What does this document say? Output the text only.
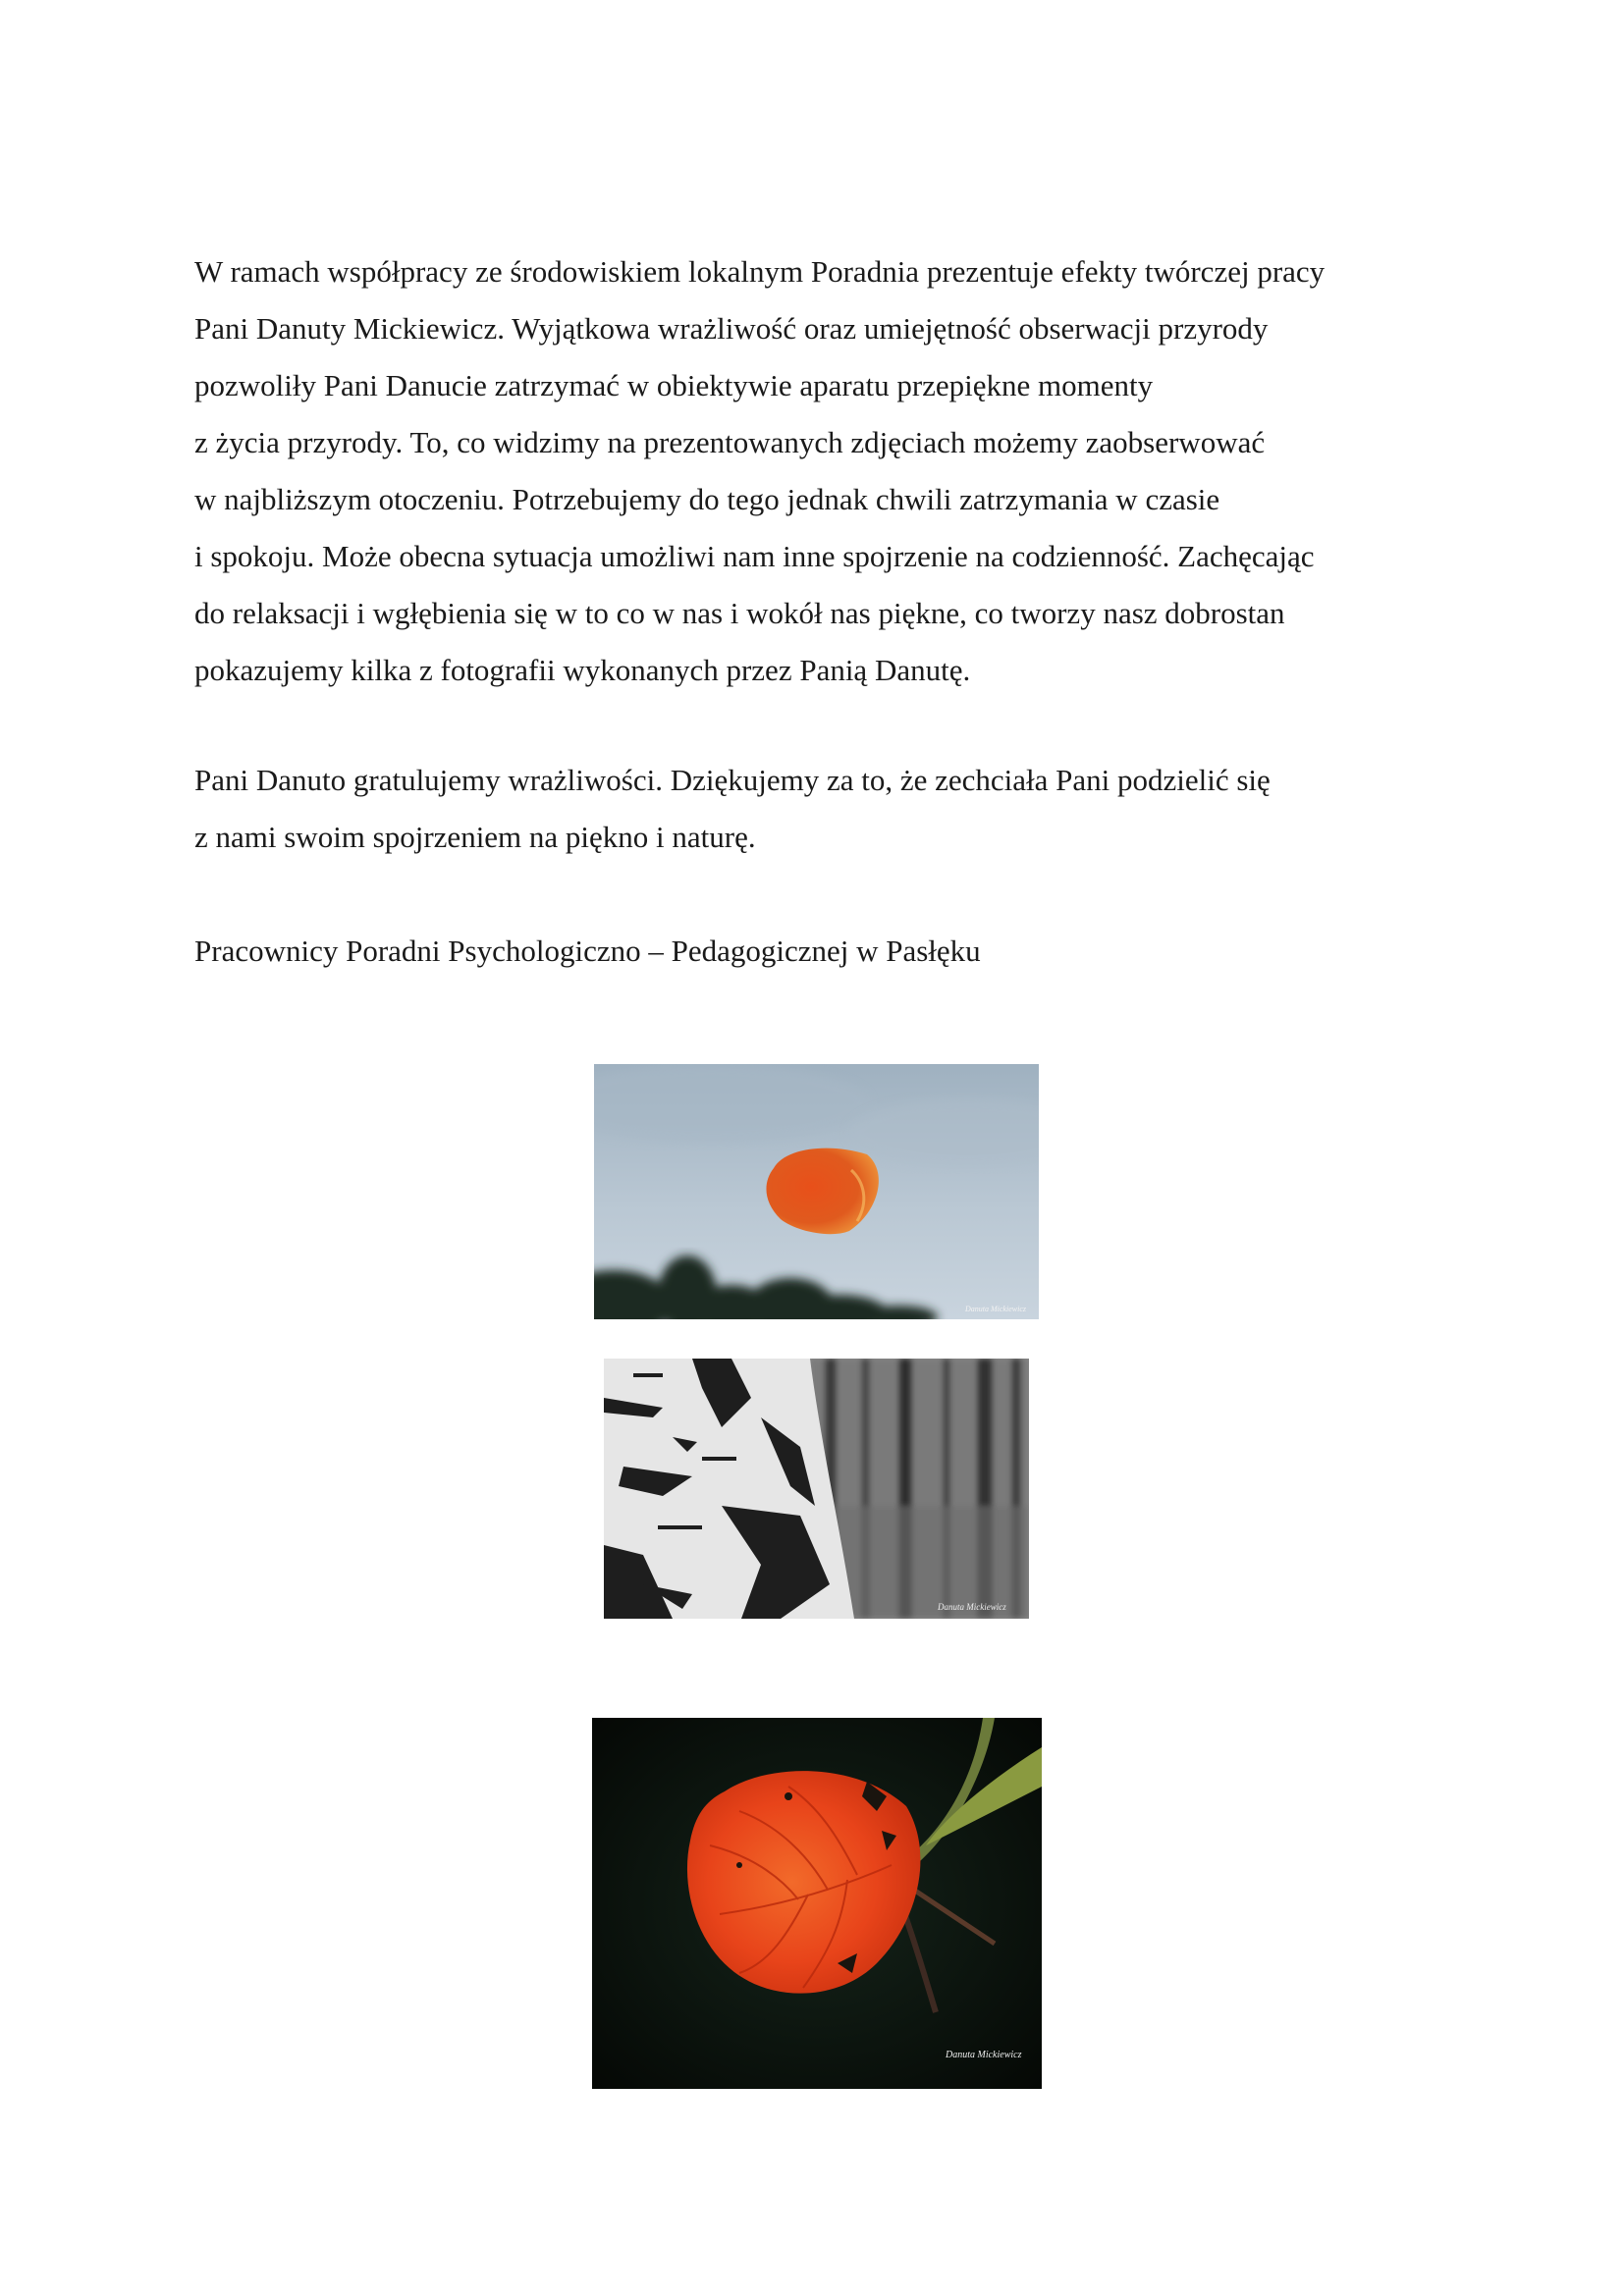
W ramach współpracy ze środowiskiem lokalnym Poradnia prezentuje efekty twórczej pracy
Pani Danuty Mickiewicz. Wyjątkowa wrażliwość oraz umiejętność obserwacji przyrody
pozwoliły Pani Danucie zatrzymać w obiektywie aparatu przepiękne momenty
z życia przyrody. To, co widzimy na prezentowanych zdjęciach możemy zaobserwować
w najbliższym otoczeniu. Potrzebujemy do tego jednak chwili zatrzymania w czasie
i spokoju. Może obecna sytuacja umożliwi nam inne spojrzenie na codzienność. Zachęcając
do relaksacji i wgłębienia się w to co w nas i wokół nas piękne, co tworzy nasz dobrostan
pokazujemy kilka z fotografii wykonanych przez Panią Danutę.
Pani Danuto gratulujemy wrażliwości. Dziękujemy za to, że zechciała Pani podzielić się
z nami swoim spojrzeniem na piękno i naturę.
Pracownicy Poradni Psychologiczno – Pedagogicznej w Pasłęku
Danuta Mickiewicz
Danuta Mickiewicz
Danuta Mickiewicz
